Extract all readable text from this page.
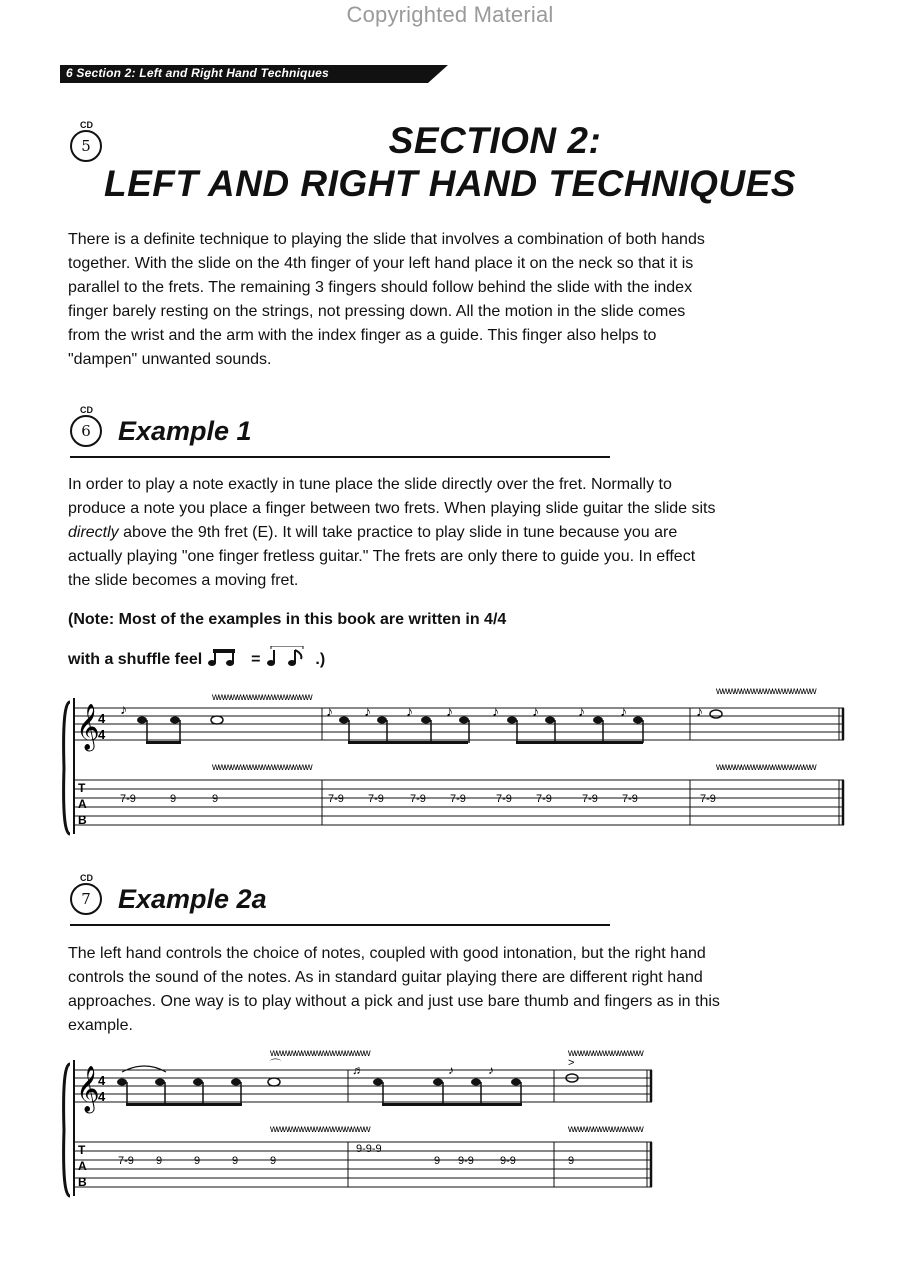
Copyrighted Material
6 Section 2: Left and Right Hand Techniques
CD
5	SECTION 2:
LEFT AND RIGHT HAND TECHNIQUES
There is a definite technique to playing the slide that involves a combination of both hands
together. With the slide on the 4th finger of your left hand place it on the neck so that it is
parallel to the frets. The remaining 3 fingers should follow behind the slide with the index
finger barely resting on the strings, not pressing down. All the motion in the slide comes
from the wrist and the arm with the index finger as a guide. This finger also helps to
"dampen" unwanted sounds.
CD
6	Example 1
In order to play a note exactly in tune place the slide directly over the fret. Normally to
produce a note you place a finger between two frets. When playing slide guitar the slide sits
directly above the 9th fret (E). It will take practice to play slide in tune because you are
actually playing "one finger fretless guitar." The frets are only there to guide you. In effect
the slide becomes a moving fret.
(Note: Most of the examples in this book are written in 4/4
with a shuffle feel	=	.)
𝄞
4
4
♪
wwwwwwwwwwwwwwww
♪ ♪	♪ ♪	♪ ♪	♪	♪	♪
wwwwwwwwwwwwwwww
T
A
B
wwwwwwwwwwwwwwww	wwwwwwwwwwwwwwww
7-9	9	9	7-9 7-9 7-9 7-9	7-9 7-9	7-9 7-9	7-9
CD
7	Example 2a
The left hand controls the choice of notes, coupled with good intonation, but the right hand
controls the sound of the notes. As in standard guitar playing there are different right hand
approaches. One way is to play without a pick and just use bare thumb and fingers as in this
example.
𝄞
4
4
⌒
wwwwwwwwwwwwwwww
♬	♪	♪	>
wwwwwwwwwwww
T
A
B
wwwwwwwwwwwwwwww	wwwwwwwwwwww
7-9 9	9	9	9
9-9-9
9 9-9 9-9	9
